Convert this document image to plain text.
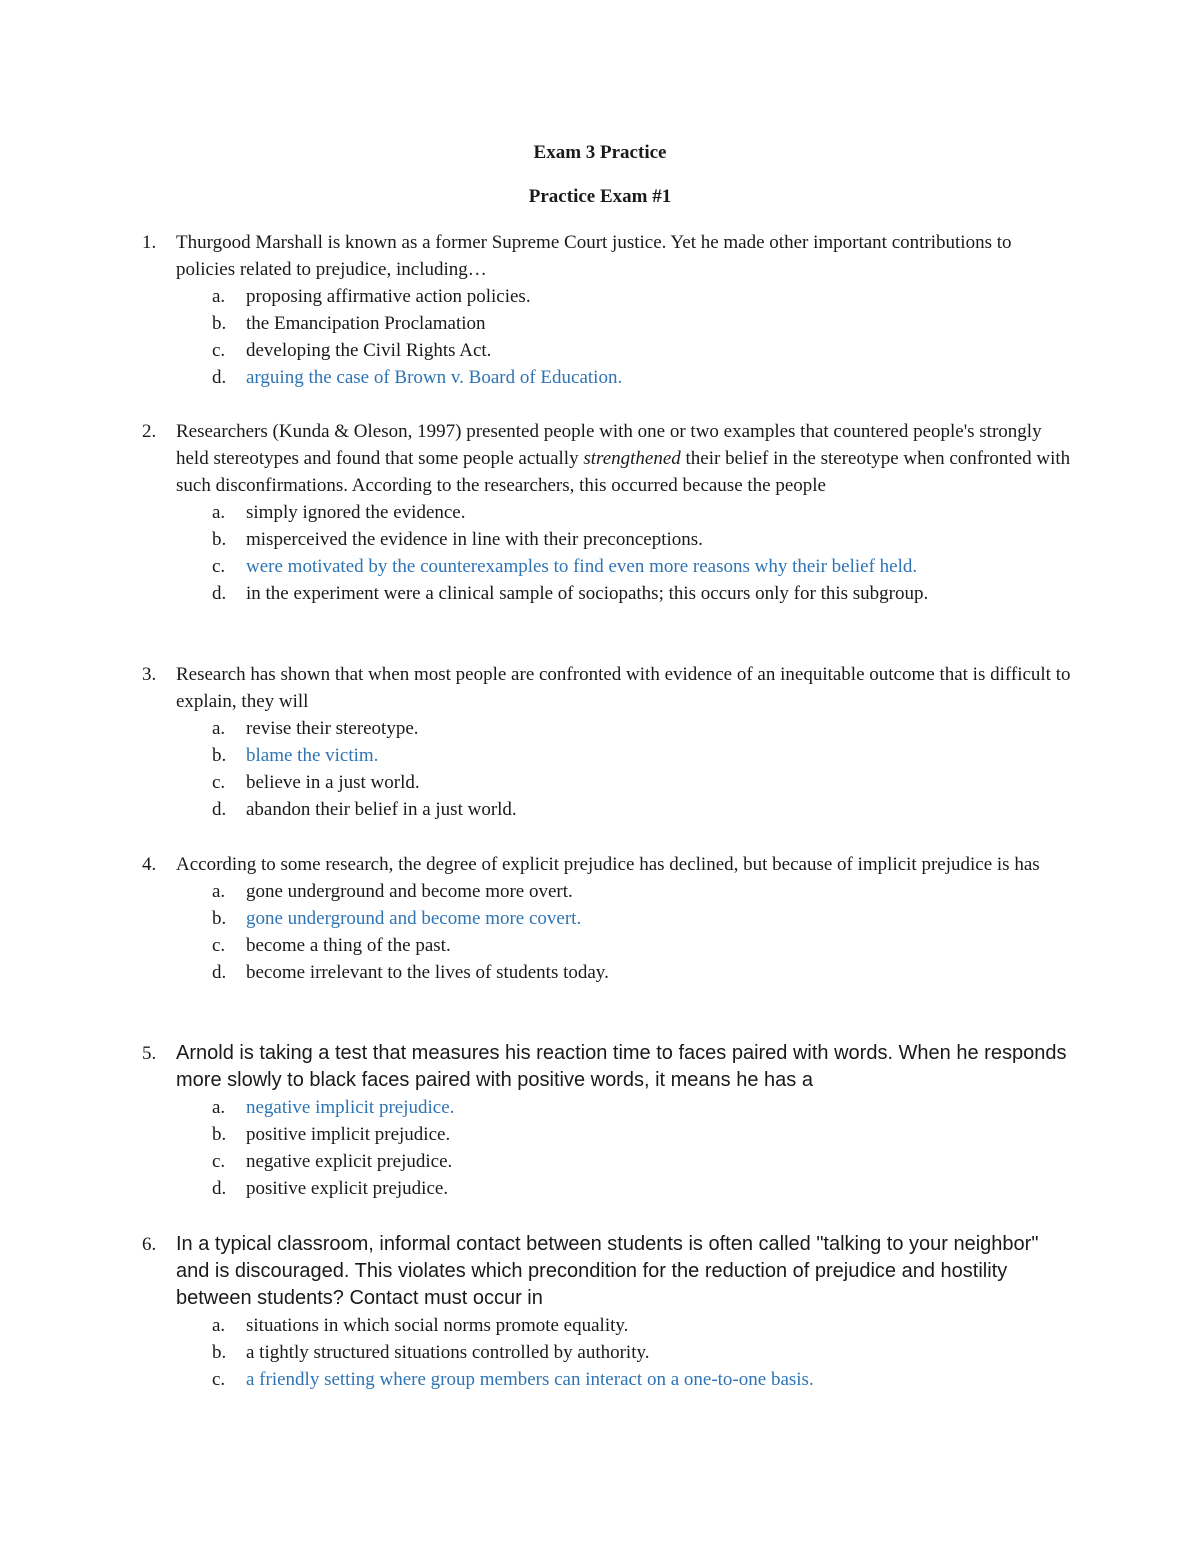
Exam 3 Practice
Practice Exam #1
1.	Thurgood Marshall is known as a former Supreme Court justice. Yet he made other important contributions to policies related to prejudice, including…
a.	proposing affirmative action policies.
b.	the Emancipation Proclamation
c.	developing the Civil Rights Act.
d.	arguing the case of Brown v. Board of Education.
2.	Researchers (Kunda & Oleson, 1997) presented people with one or two examples that countered people's strongly held stereotypes and found that some people actually strengthened their belief in the stereotype when confronted with such disconfirmations. According to the researchers, this occurred because the people
a.	simply ignored the evidence.
b.	misperceived the evidence in line with their preconceptions.
c.	were motivated by the counterexamples to find even more reasons why their belief held.
d.	in the experiment were a clinical sample of sociopaths; this occurs only for this subgroup.
3.	Research has shown that when most people are confronted with evidence of an inequitable outcome that is difficult to explain, they will
a.	revise their stereotype.
b.	blame the victim.
c.	believe in a just world.
d.	abandon their belief in a just world.
4.	According to some research, the degree of explicit prejudice has declined, but because of implicit prejudice is has
a.	gone underground and become more overt.
b.	gone underground and become more covert.
c.	become a thing of the past.
d.	become irrelevant to the lives of students today.
5. Arnold is taking a test that measures his reaction time to faces paired with words. When he responds more slowly to black faces paired with positive words, it means he has a
a.	negative implicit prejudice.
b.	positive implicit prejudice.
c.	negative explicit prejudice.
d.	positive explicit prejudice.
6. In a typical classroom, informal contact between students is often called "talking to your neighbor" and is discouraged. This violates which precondition for the reduction of prejudice and hostility between students? Contact must occur in
a.	situations in which social norms promote equality.
b.	a tightly structured situations controlled by authority.
c.	a friendly setting where group members can interact on a one-to-one basis.
